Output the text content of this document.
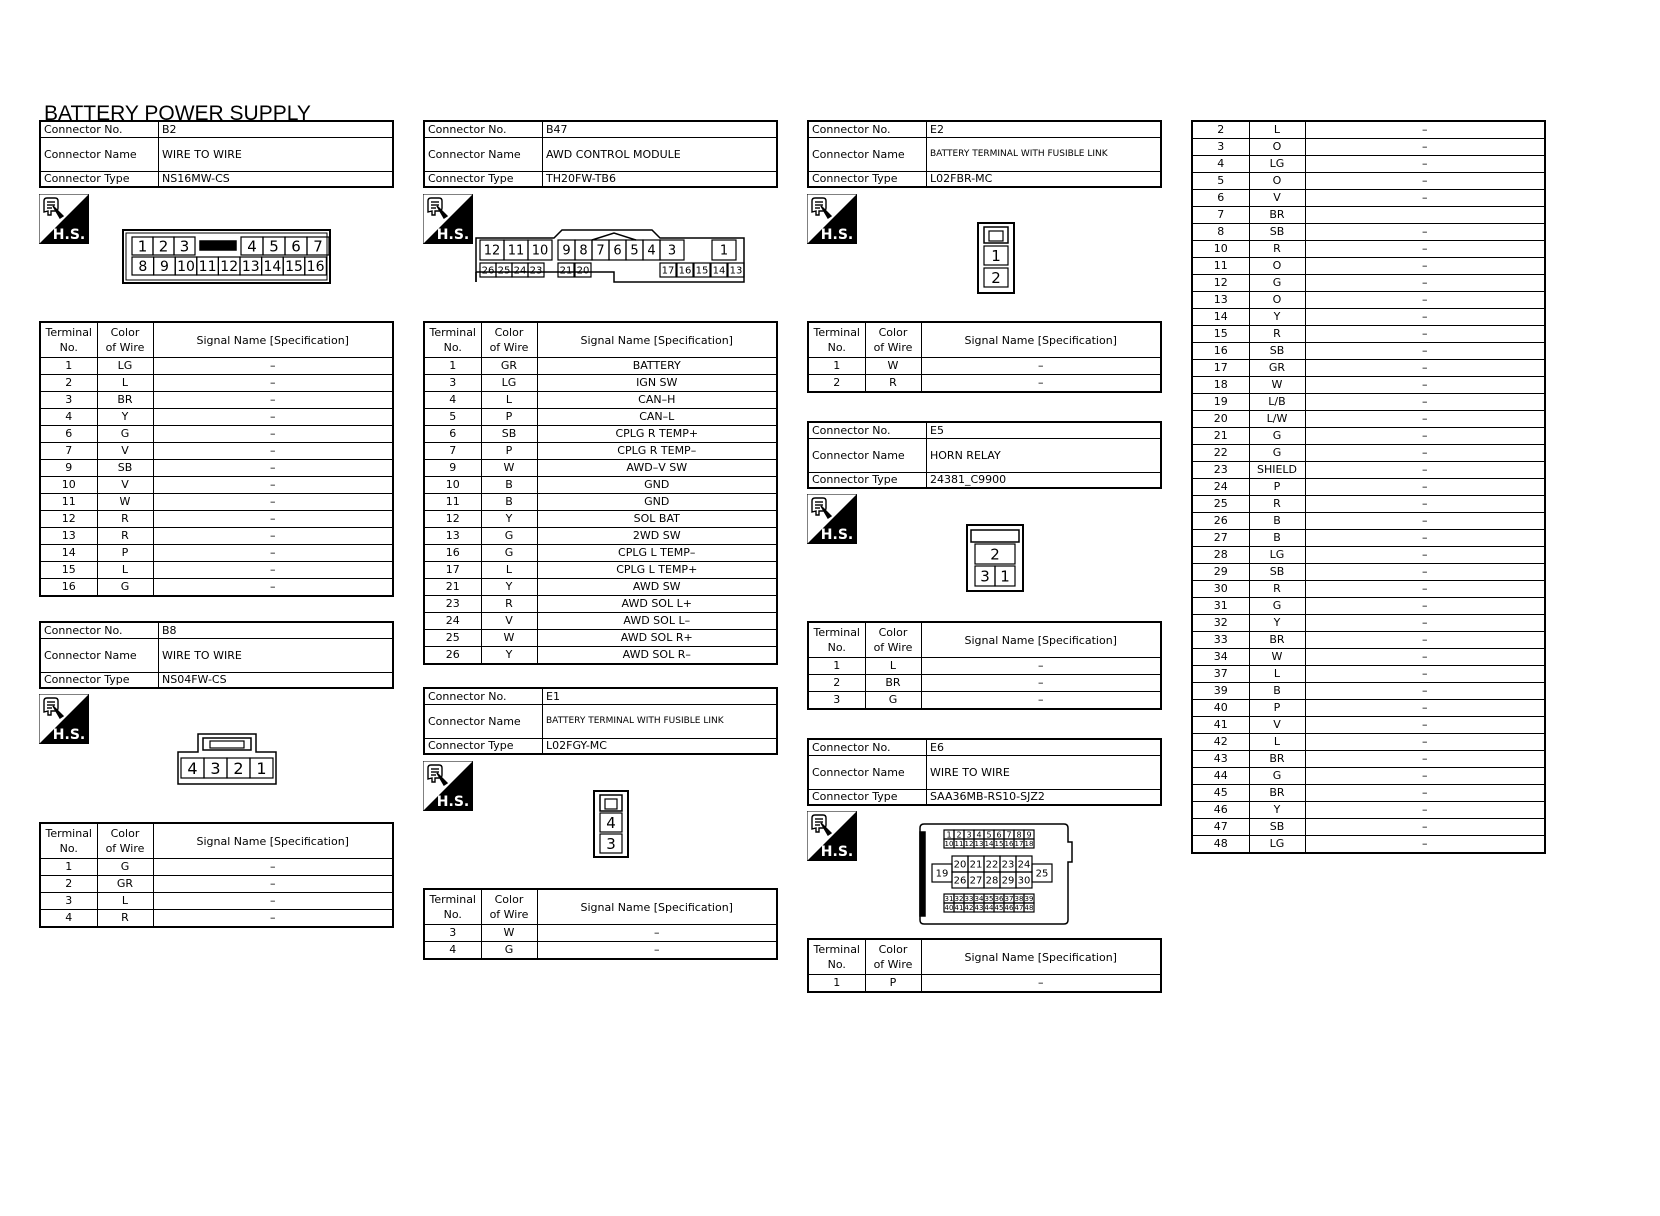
BATTERY POWER SUPPLY
Connector No.	B2
Connector Name	WIRE TO WIRE
Connector Type	NS16MW-CS
H.S.
1 2 3	4 5 6 7
8 9 10 11 12 13 14 15 16
Terminal
No.	Color
of Wire	Signal Name [Specification]
1	LG	–
2	L	–
3	BR	–
4	Y	–
6	G	–
7	V	–
9	SB	–
10	V	–
11	W	–
12	R	–
13	R	–
14	P	–
15	L	–
16	G	–
Connector No.	B8
Connector Name	WIRE TO WIRE
Connector Type	NS04FW-CS
H.S.
4 3 2 1
Terminal
No.	Color
of Wire	Signal Name [Specification]
1	G	–
2	GR	–
3	L	–
4	R	–
Connector No.	B47
Connector Name	AWD CONTROL MODULE
Connector Type	TH20FW-TB6
H.S.
12 11 10 9 8 7 6 5 4 3	1
26 25 24 23 21 20	17 16 15 14 13
Terminal
No.	Color
of Wire	Signal Name [Specification]
1	GR	BATTERY
3	LG	IGN SW
4	L	CAN–H
5	P	CAN–L
6	SB	CPLG R TEMP+
7	P	CPLG R TEMP–
9	W	AWD–V SW
10	B	GND
11	B	GND
12	Y	SOL BAT
13	G	2WD SW
16	G	CPLG L TEMP–
17	L	CPLG L TEMP+
21	Y	AWD SW
23	R	AWD SOL L+
24	V	AWD SOL L–
25	W	AWD SOL R+
26	Y	AWD SOL R–
Connector No.	E1
Connector Name	BATTERY TERMINAL WITH FUSIBLE LINK
Connector Type	L02FGY-MC
H.S.
4
3
Terminal
No.	Color
of Wire	Signal Name [Specification]
3	W	–
4	G	–
Connector No.	E2
Connector Name	BATTERY TERMINAL WITH FUSIBLE LINK
Connector Type	L02FBR-MC
H.S.
1
2
Terminal
No.	Color
of Wire	Signal Name [Specification]
1	W	–
2	R	–
Connector No.	E5
Connector Name	HORN RELAY
Connector Type	24381_C9900
H.S.
2
3 1
Terminal
No.	Color
of Wire	Signal Name [Specification]
1	L	–
2	BR	–
3	G	–
Connector No.	E6
Connector Name	WIRE TO WIRE
Connector Type	SAA36MB-RS10-SJZ2
H.S.
1 2 3 4 5 6 7 8 9
10 11 12 13 14 15 16 17 18
19
20 21 22 23 24
26 27 28 29 30
25
31 32 33 34 35 36 37 38 39
40 41 42 43 44 45 46 47 48
Terminal
No.	Color
of Wire	Signal Name [Specification]
1	P	–
2	L	–
3	O	–
4	LG	–
5	O	–
6	V	–
7	BR	
8	SB	–
10	R	–
11	O	–
12	G	–
13	O	–
14	Y	–
15	R	–
16	SB	–
17	GR	–
18	W	–
19	L/B	–
20	L/W	–
21	G	–
22	G	–
23	SHIELD	–
24	P	–
25	R	–
26	B	–
27	B	–
28	LG	–
29	SB	–
30	R	–
31	G	–
32	Y	–
33	BR	–
34	W	–
37	L	–
39	B	–
40	P	–
41	V	–
42	L	–
43	BR	–
44	G	–
45	BR	–
46	Y	–
47	SB	–
48	LG	–
